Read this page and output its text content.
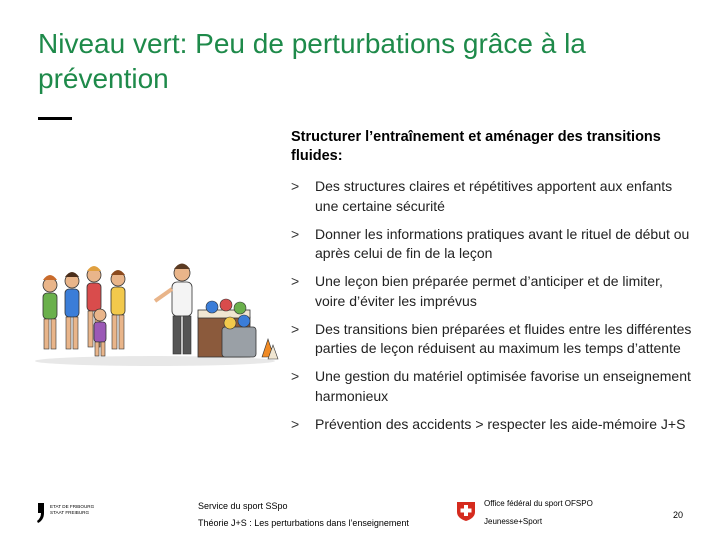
Niveau vert: Peu de perturbations grâce à la prévention

Structurer l’entraînement et aménager des transitions fluides:

> Des structures claires et répétitives apportent aux enfants une certaine sécurité
> Donner les informations pratiques avant le rituel de début ou après celui de fin de la leçon
> Une leçon bien préparée permet d’anticiper et de limiter, voire d’éviter les imprévus
> Des transitions bien préparées et fluides entre les différentes parties de leçon réduisent au maximum les temps d’attente
> Une gestion du matériel optimisée favorise un enseignement harmonieux
> Prévention des accidents > respecter les aide-mémoire J+S
ETAT DE FRIBOURG
STAAT FREIBURG
Service du sport SSpo
Théorie J+S : Les perturbations dans l’enseignement
Office fédéral du sport OFSPO
Jeunesse+Sport
20
